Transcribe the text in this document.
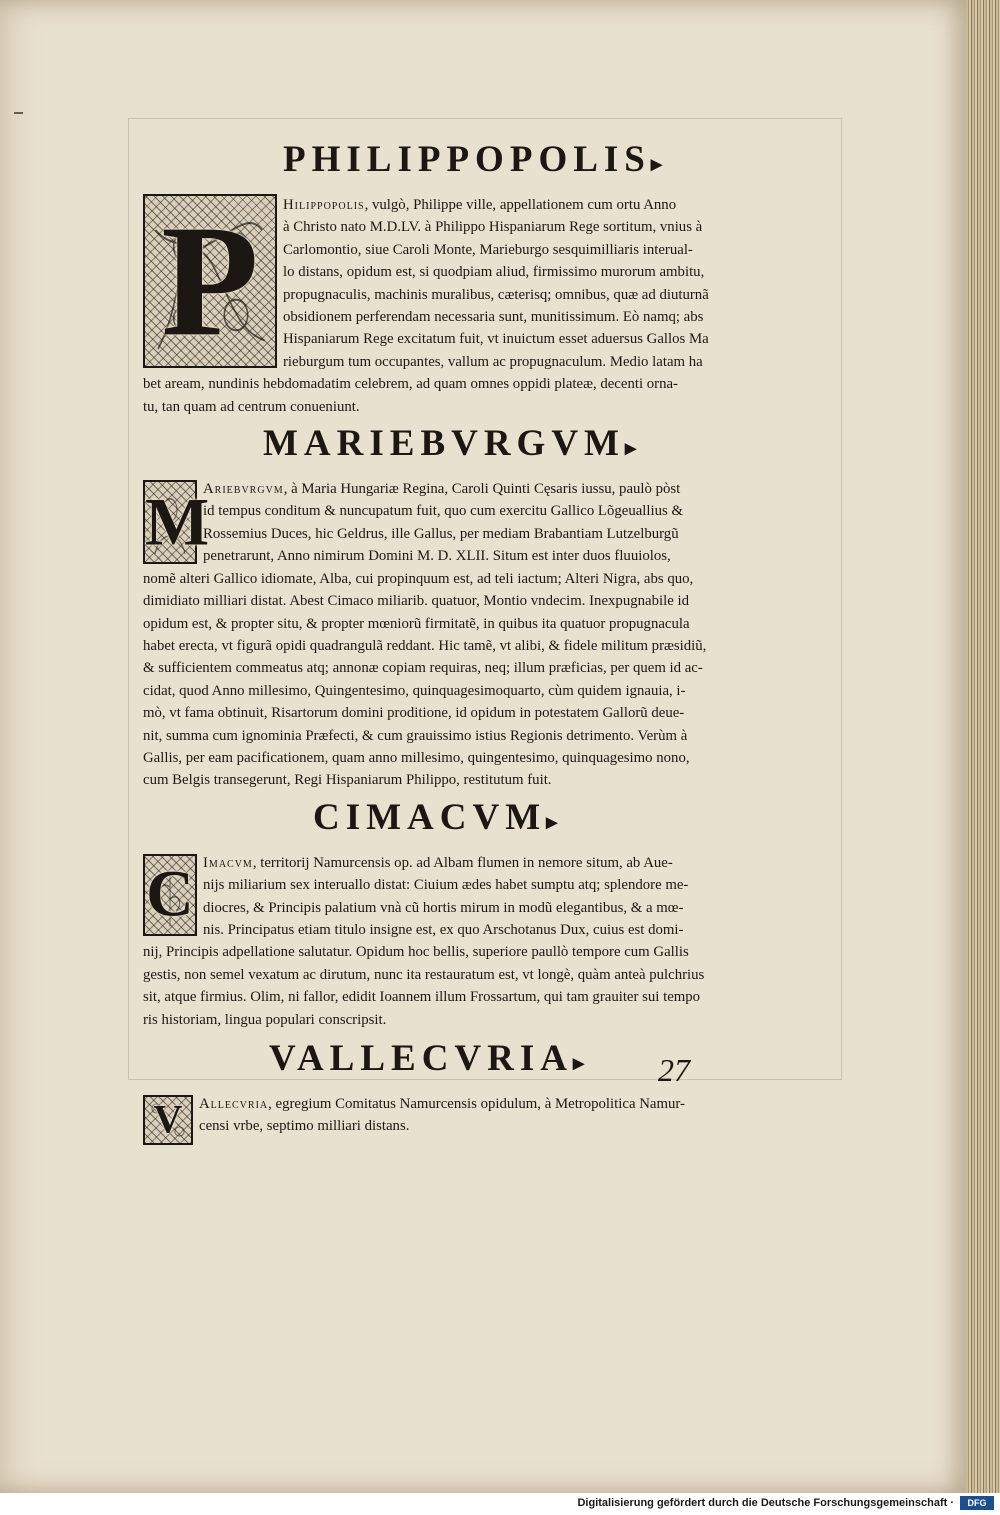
PHILIPPOPOLIS▸
P	Hilippopolis, vulgò, Philippe ville, appellationem cum ortu Anno
à Christo nato M.D.LV. à Philippo Hispaniarum Rege sortitum, vnius à
Carlomontio, siue Caroli Monte, Marieburgo sesquimilliaris interual-
lo distans, opidum est, si quodpiam aliud, firmissimo murorum ambitu,
propugnaculis, machinis muralibus, cæterisq; omnibus, quæ ad diuturnã
obsidionem perferendam necessaria sunt, munitissimum. Eò namq; abs
Hispaniarum Rege excitatum fuit, vt inuictum esset aduersus Gallos Ma
rieburgum tum occupantes, vallum ac propugnaculum. Medio latam ha
bet aream, nundinis hebdomadatim celebrem, ad quam omnes oppidi plateæ, decenti orna-
tu, tan quam ad centrum conueniunt.
MARIEBVRGVM▸
M
Ariebvrgvm, à Maria Hungariæ Regina, Caroli Quinti Cęsaris iussu, paulò pòst
id tempus conditum & nuncupatum fuit, quo cum exercitu Gallico Lõgeuallius &
Rossemius Duces, hic Geldrus, ille Gallus, per mediam Brabantiam Lutzelburgũ
penetrarunt, Anno nimirum Domini M. D. XLII. Situm est inter duos fluuiolos,
nomẽ alteri Gallico idiomate, Alba, cui propinquum est, ad teli iactum; Alteri Nigra, abs quo,
dimidiato milliari distat. Abest Cimaco miliarib. quatuor, Montio vndecim. Inexpugnabile id
opidum est, & propter situ, & propter mœniorũ firmitatẽ, in quibus ita quatuor propugnacula
habet erecta, vt figurã opidi quadrangulã reddant. Hic tamẽ, vt alibi, & fidele militum præsidiũ,
& sufficientem commeatus atq; annonæ copiam requiras, neq; illum præficias, per quem id ac-
cidat, quod Anno millesimo, Quingentesimo, quinquagesimoquarto, cùm quidem ignauia, i-
mò, vt fama obtinuit, Risartorum domini proditione, id opidum in potestatem Gallorũ deue-
nit, summa cum ignominia Præfecti, & cum grauissimo istius Regionis detrimento. Verùm à
Gallis, per eam pacificationem, quam anno millesimo, quingentesimo, quinquagesimo nono,
cum Belgis transegerunt, Regi Hispaniarum Philippo, restitutum fuit.
CIMACVM▸
C Imacvm, territorij Namurcensis op. ad Albam flumen in nemore situm, ab Aue-
nijs miliarium sex interuallo distat: Ciuium ædes habet sumptu atq; splendore me-
diocres, & Principis palatium vnà cũ hortis mirum in modũ elegantibus, & a mœ-
nis. Principatus etiam titulo insigne est, ex quo Arschotanus Dux, cuius est domi-
nij, Principis adpellatione salutatur. Opidum hoc bellis, superiore paullò tempore cum Gallis
gestis, non semel vexatum ac dirutum, nunc ita restauratum est, vt longè, quàm anteà pulchrius
sit, atque firmius. Olim, ni fallor, edidit Ioannem illum Frossartum, qui tam grauiter sui tempo
ris historiam, lingua populari conscripsit.
VALLECVRIA▸
V	Allecvria, egregium Comitatus Namurcensis opidulum, à Metropolitica Namur-
censi vrbe, septimo milliari distans.
27
Digitalisierung gefördert durch die Deutsche Forschungsgemeinschaft ·	DFG
